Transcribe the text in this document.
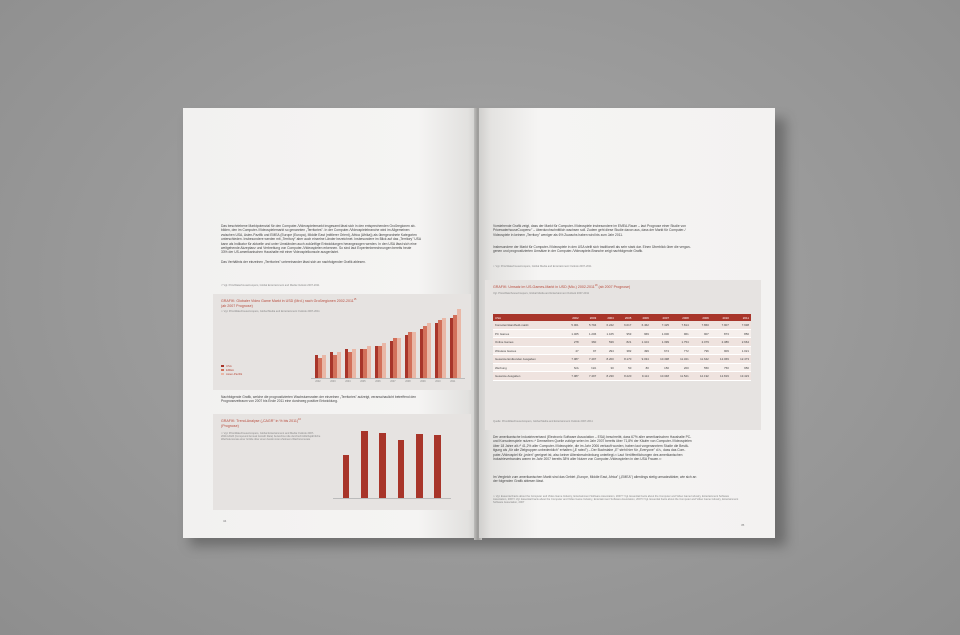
Das beschriebene Marktpotenzial für den Computer-/Videospielemarkt insgesamt lässt sich in den entsprechenden Großregionen ab-
bilden, den im Computer-/Videospielemarkt so genannten „Territories". In der Computer-/Videospielebranche wird im Allgemeinen
zwischen USA, Asien-Pazifik und EMEA (Europe (Europa), Middle East (mittlerer Orient), Africa (Afrika)) als übergeordnete Kategorien
unterschieden. Insbesondere werden mit „Territory" aber auch einzelne Länder bezeichnet. Insbesondere im Blick auf das „Territory" USA
kann als Indikator für aktuelle und unter Umständen auch zukünftige Entwicklungen herangezogen werden. In den USA lässt sich eine
weitgehende Akzeptanz und Verbreitung von Computer-/Videospielen erkennen. So sind laut Expertenberechnungen bereits heute
33% der US-amerikanischen Haushalte mit einer Videospielkonsole ausgerüstet.
Das Verhältnis der einzelnen „Territories" untereinander lässt sich an nachfolgender Grafik ablesen.
¹³ Vgl. PriceWaterhouseCoopers, Global Entertainment and Media Outlook 2007-2011
GRAFIK: Globaler Video Game Markt in USD (Mrd.) nach Großregionen 2002-2011$^{15}$
(ab 2007 Prognose)
¹⁵ Vgl. PriceWaterhouseCoopers, Global Media and Entertainment Outlook 2007-2011
USA
EMEA
Asien-Pazifik
2002	2003	2004	2005	2006	2007	2008	2009	2010	2011
Nachfolgende Grafik, welche die prognostizierten Wachstumsraten der einzelnen „Territories" aufzeigt, veranschaulicht betreffend den
Prognosezeitraum von 2007 bis Ende 2011 eine durchweg positive Entwicklung.
GRAFIK: Trend-Analyse („CAGR" in % bis 2011)$^{16}$
(Prognose)
¹⁶ Vgl. PriceWaterhouseCoopers, Global Entertainment and Media Outlook 2007-2011CAGR (Compound Annual Growth Rate) bezeichnet die durchschnittlichejährliche Wachstumsrate einer Größe über einen bestimmten Zeitraum.Wachstumsrate
34
Vorstehende Grafik zeigt, dass der Markt für Computer-/Videospiele insbesondere im EMEA-Raum – laut Prognose einer Studie von
PricewaterhouseCoopers¹⁷ – überdurchschnittlich wachsen soll. Zudem geht diese Studie davon aus, dass der Markt für Computer-/
Videospiele in keinem „Territory" weniger als 6% Zuwachs haben wird bis zum Jahr 2011.
Insbesondere der Markt für Computer-/Videospiele in den USA stellt sich traditionell als sehr stark dar. Einen Überblick über die vergan-
genen und prognostizierten Umsätze in der Computer-/Videospiele-Branche zeigt nachfolgende Grafik.
¹⁷ Vgl. PriceWaterhouseCoopers, Global Media and Entertainment Outlook 2007-2011
GRAFIK: Umsatz im US-Games-Markt in USD (Mio.) 2002-2011$^{18}$ (ab 2007 Prognose)
Vgl. PriceWaterhouseCoopers, Global Media and Entertainment Outlook 2007-2011
USA	2002	2003	2004	2005	2006	2007	2008	2009	2010	2011
Konsolen/Handheld-markt	5.001	5.794	6.242	6.017	6.462	7.425	7.814	7.860	7.907	7.938
PC Games	1.465	1.206	1.165	953	969	1.000	961	907	873	850
Online Games	278	360	539	821	1.104	1.399	1.754	2.079	2.386	2.664
Wireless Games	47	97	294	382	499	674	772	796	909	1.021
Gesamte Endkunden Ausgaben	7.087	7.497	8.200	8.170	9.034	10.498	11.321	11.642	12.069	12.473
Werbung	N/A	N/A	30	50	80	150	200	550	750	950
Gesamte Ausgaben	7.087	7.497	8.230	8.220	9.114	10.348	11.521	12.192	12.819	13.423
Quelle: PriceWaterhouseCoopers, Global Media and Entertainment Outlook 2007-2011
Der amerikanische Industrieverband (Electronic Software Association – ESA) beschreibt, dass 67% aller amerikanischen Haushalte PC-
und Konsolenspiele nutzen.¹⁹ Demselben Quelle zufolge seien im Jahr 2007 bereits über 71,8% der Käufer von Computer-/Videospielen
über 18 Jahre alt.²⁰ 41,2% aller Computer-/Videospiele, die im Jahr 2006 verkauft wurden, haben laut vorgenanntem Studie die Bestä-
tigung als „für alle Zielgruppen unbedenklich" erhalten („E rated") – Der Buchstabe „E" steht hier für „Everyone" d.h., dass das Com-
puter-/Videospiel für „jeden" geeignet ist, also keiner Altersbeschränkung unterliegt.²¹ Laut Veröffentlichungen des amerikanischen
Industrieverbandes waren im Jahr 2007 bereits 38% aller Nutzer von Computer-/Videospielen in den USA Frauen.²²
Im Vergleich zum amerikanischen Markt sind das Gebiet „Europe, Middle East, Africa" („EMEA") allerdings stetig umsatzstärker, wie sich an
der folgenden Grafik ablesen lässt.
¹⁹ Vgl. Essential Facts about the Computer and Video Game Industry, Entertainment Software Association, 2007²⁰ Vgl. Essential Facts about the Computer and Video Game Industry, Entertainment Software Association, 2007²¹ Vgl. Essential Facts about the Computer and Video Game Industry, Entertainment Software Association, 2007²² Vgl. Essential Facts about the Computer and Video Game Industry, Entertainment Software Association, 2007
35
